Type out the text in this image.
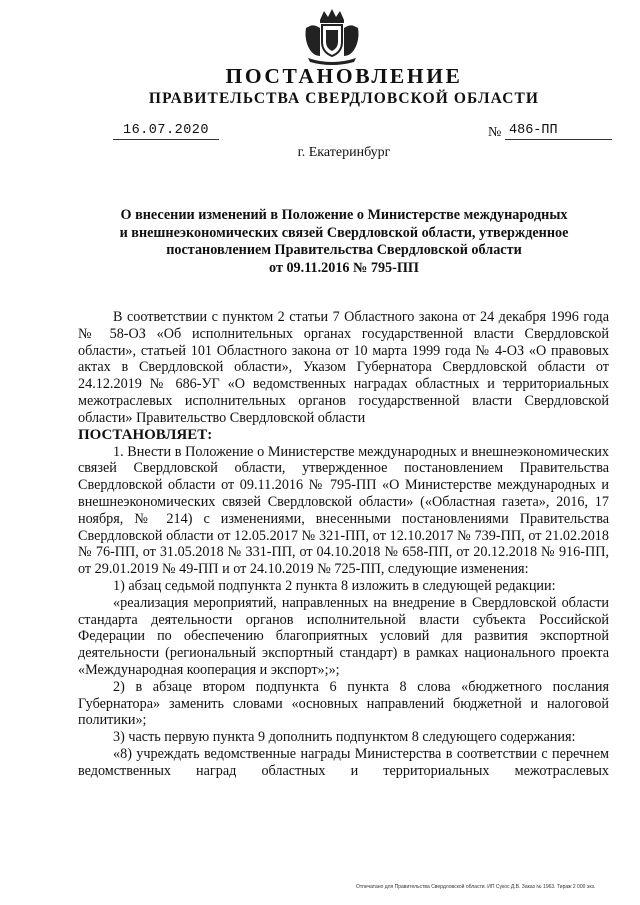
ПОСТАНОВЛЕНИЕ
ПРАВИТЕЛЬСТВА СВЕРДЛОВСКОЙ ОБЛАСТИ
16.07.2020	№ 486-ПП
г. Екатеринбург
О внесении изменений в Положение о Министерстве международных
и внешнеэкономических связей Свердловской области, утвержденное
постановлением Правительства Свердловской области
от 09.11.2016 № 795-ПП

В соответствии с пунктом 2 статьи 7 Областного закона от 24 декабря 1996 года № 58-ОЗ «Об исполнительных органах государственной власти Свердловской области», статьей 101 Областного закона от 10 марта 1999 года № 4-ОЗ «О правовых актах в Свердловской области», Указом Губернатора Свердловской области от 24.12.2019 № 686-УГ «О ведомственных наградах областных и территориальных межотраслевых исполнительных органов государственной власти Свердловской области» Правительство Свердловской области

ПОСТАНОВЛЯЕТ:

1. Внести в Положение о Министерстве международных и внешнеэкономических связей Свердловской области, утвержденное постановлением Правительства Свердловской области от 09.11.2016 № 795-ПП «О Министерстве международных и внешнеэкономических связей Свердловской области» («Областная газета», 2016, 17 ноября, № 214) с изменениями, внесенными постановлениями Правительства Свердловской области от 12.05.2017 № 321-ПП, от 12.10.2017 № 739-ПП, от 21.02.2018 № 76-ПП, от 31.05.2018 № 331-ПП, от 04.10.2018 № 658-ПП, от 20.12.2018 № 916-ПП, от 29.01.2019 № 49-ПП и от 24.10.2019 № 725-ПП, следующие изменения:

1) абзац седьмой подпункта 2 пункта 8 изложить в следующей редакции:

«реализация мероприятий, направленных на внедрение в Свердловской области стандарта деятельности органов исполнительной власти субъекта Российской Федерации по обеспечению благоприятных условий для развития экспортной деятельности (региональный экспортный стандарт) в рамках национального проекта «Международная кооперация и экспорт»;»;

2) в абзаце втором подпункта 6 пункта 8 слова «бюджетного послания Губернатора» заменить словами «основных направлений бюджетной и налоговой политики»;

3) часть первую пункта 9 дополнить подпунктом 8 следующего содержания:

«8) учреждать ведомственные награды Министерства в соответствии с перечнем ведомственных наград областных и территориальных межотраслевых

Отпечатано для Правительства Свердловской области. ИП Сукос Д.В. Заказ № 1963. Тираж 2 000 экз.
